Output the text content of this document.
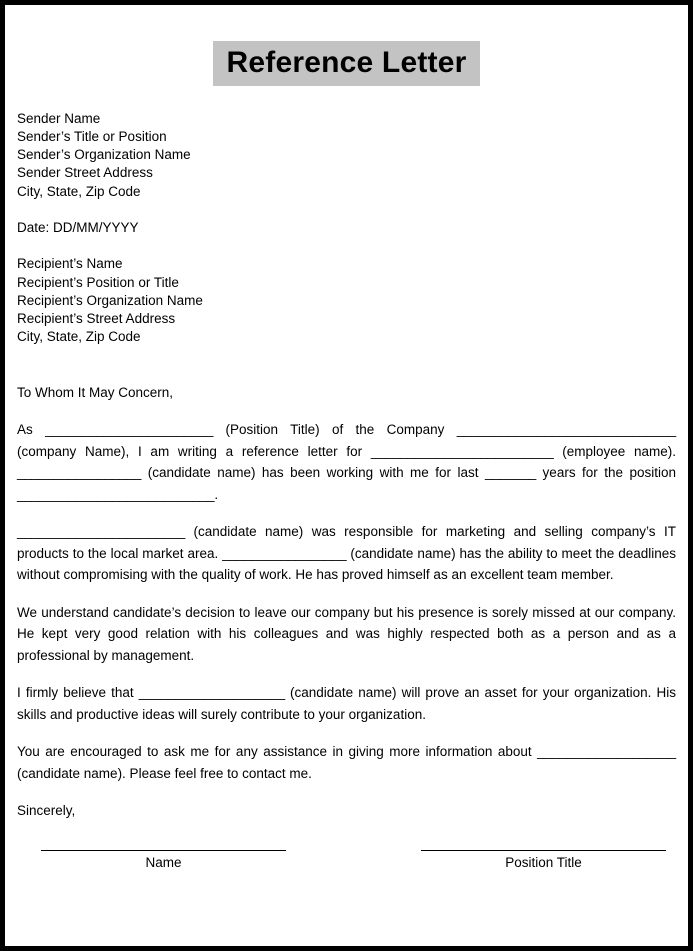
Reference Letter
Sender Name
Sender’s Title or Position
Sender’s Organization Name
Sender Street Address
City, State, Zip Code
Date: DD/MM/YYYY
Recipient’s Name
Recipient’s Position or Title
Recipient’s Organization Name
Recipient’s Street Address
City, State, Zip Code
To Whom It May Concern,

As _______________________ (Position Title) of the Company ______________________________ (company Name), I am writing a reference letter for _________________________ (employee name). _________________ (candidate name) has been working with me for last _______ years for the position ___________________________.

_______________________ (candidate name) was responsible for marketing and selling company’s IT products to the local market area. _________________ (candidate name) has the ability to meet the deadlines without compromising with the quality of work. He has proved himself as an excellent team member.

We understand candidate’s decision to leave our company but his presence is sorely missed at our company. He kept very good relation with his colleagues and was highly respected both as a person and as a professional by management.

I firmly believe that ____________________ (candidate name) will prove an asset for your organization. His skills and productive ideas will surely contribute to your organization.

You are encouraged to ask me for any assistance in giving more information about ___________________ (candidate name). Please feel free to contact me.

Sincerely,

Name	Position Title
